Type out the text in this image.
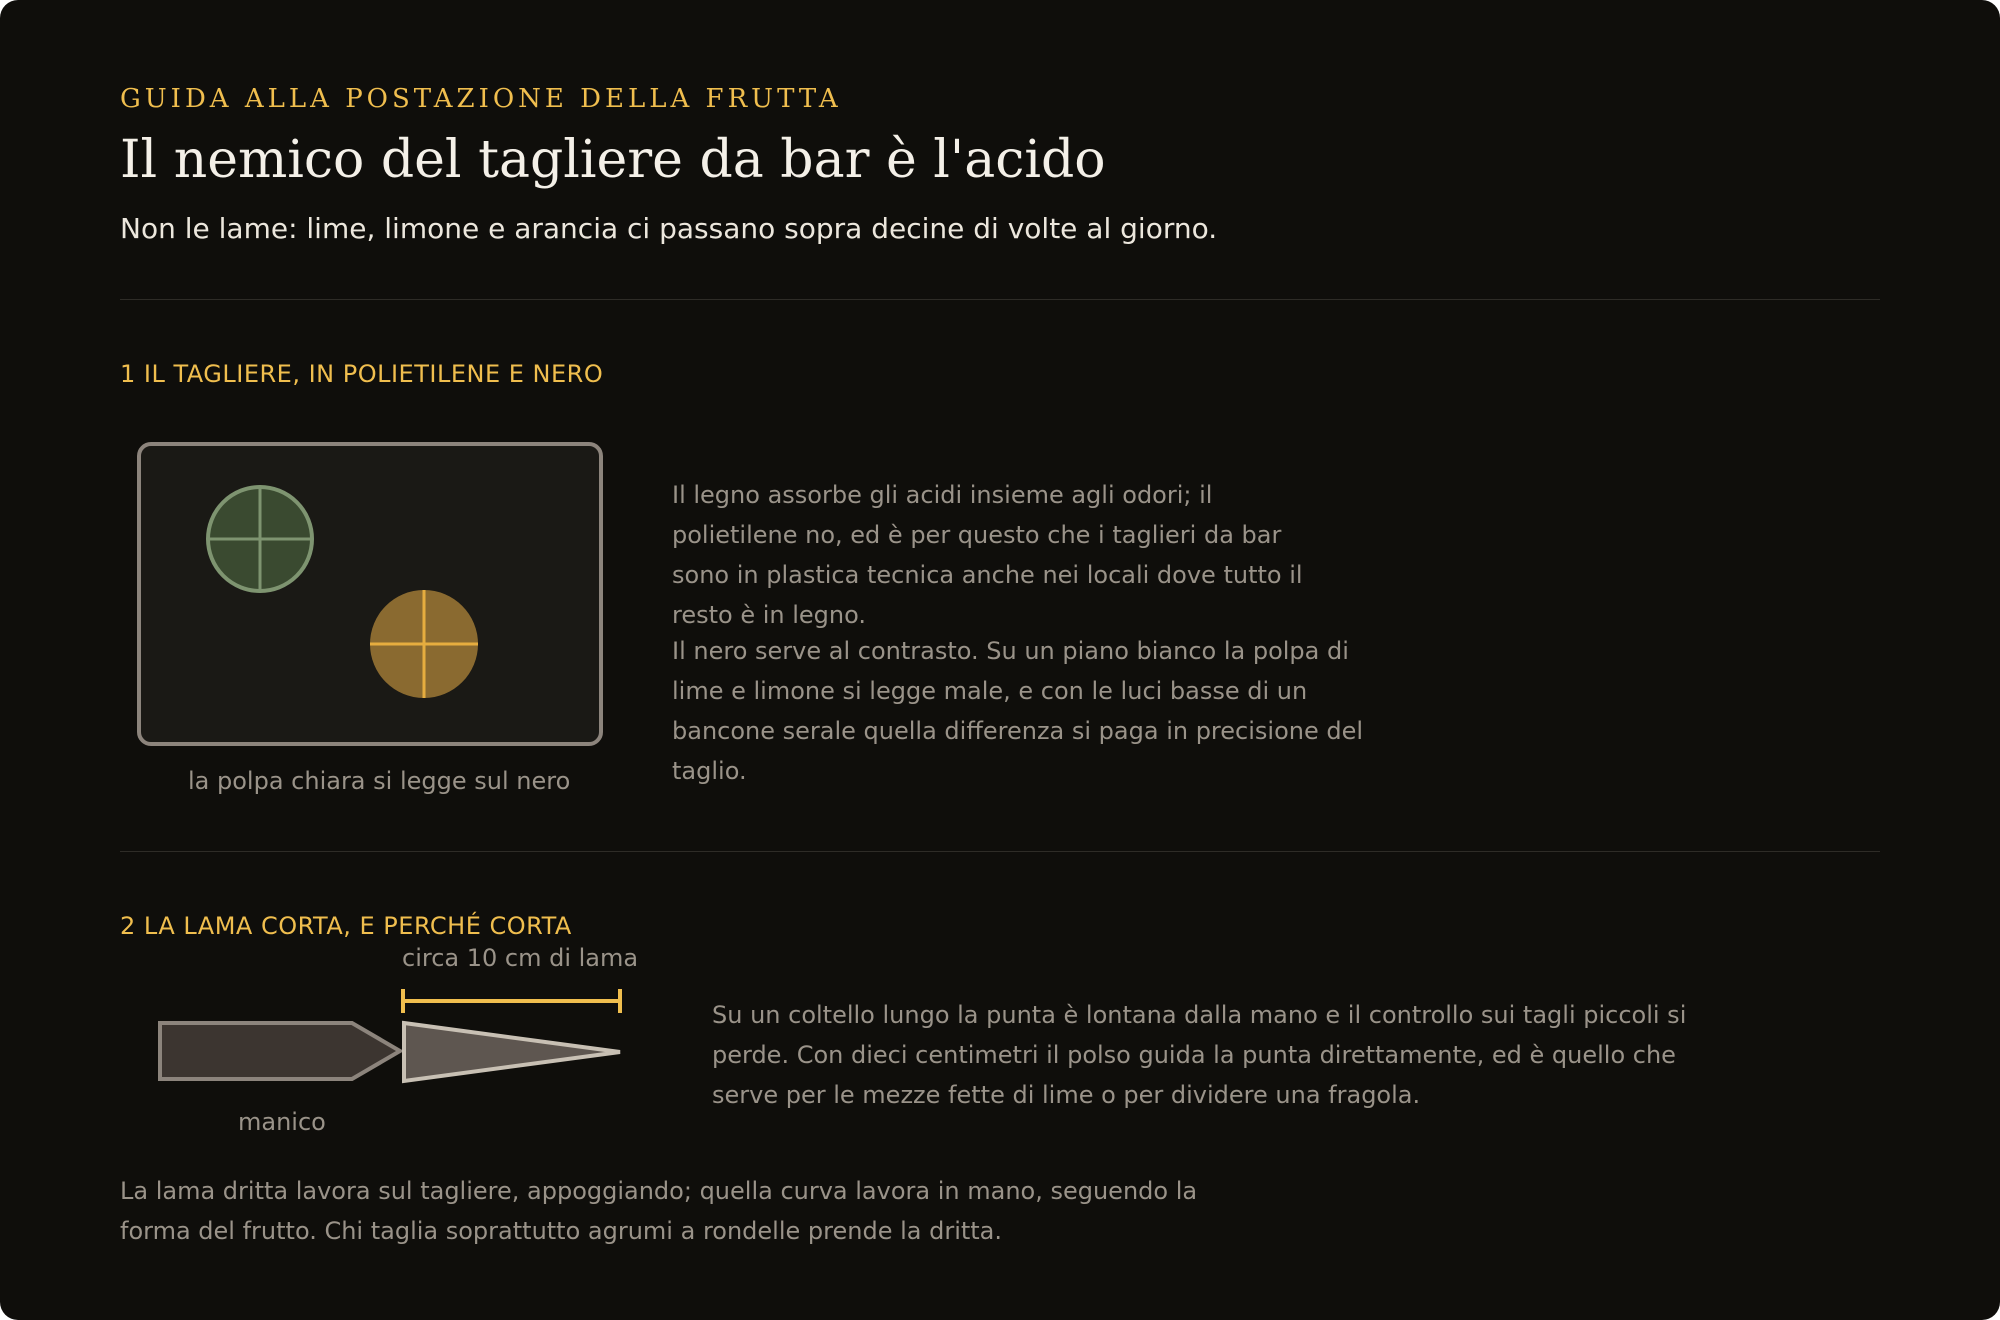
GUIDA ALLA POSTAZIONE DELLA FRUTTA
Il nemico del tagliere da bar è l'acido
Non le lame: lime, limone e arancia ci passano sopra decine di volte al giorno.
1 IL TAGLIERE, IN POLIETILENE E NERO
la polpa chiara si legge sul nero
Il legno assorbe gli acidi insieme agli odori; il polietilene no, ed è per questo che i taglieri da bar sono in plastica tecnica anche nei locali dove tutto il resto è in legno.
Il nero serve al contrasto. Su un piano bianco la polpa di lime e limone si legge male, e con le luci basse di un bancone serale quella differenza si paga in precisione del taglio.
2 LA LAMA CORTA, E PERCHÉ CORTA
circa 10 cm di lama
manico
Su un coltello lungo la punta è lontana dalla mano e il controllo sui tagli piccoli si perde. Con dieci centimetri il polso guida la punta direttamente, ed è quello che serve per le mezze fette di lime o per dividere una fragola.
La lama dritta lavora sul tagliere, appoggiando; quella curva lavora in mano, seguendo la forma del frutto. Chi taglia soprattutto agrumi a rondelle prende la dritta.
